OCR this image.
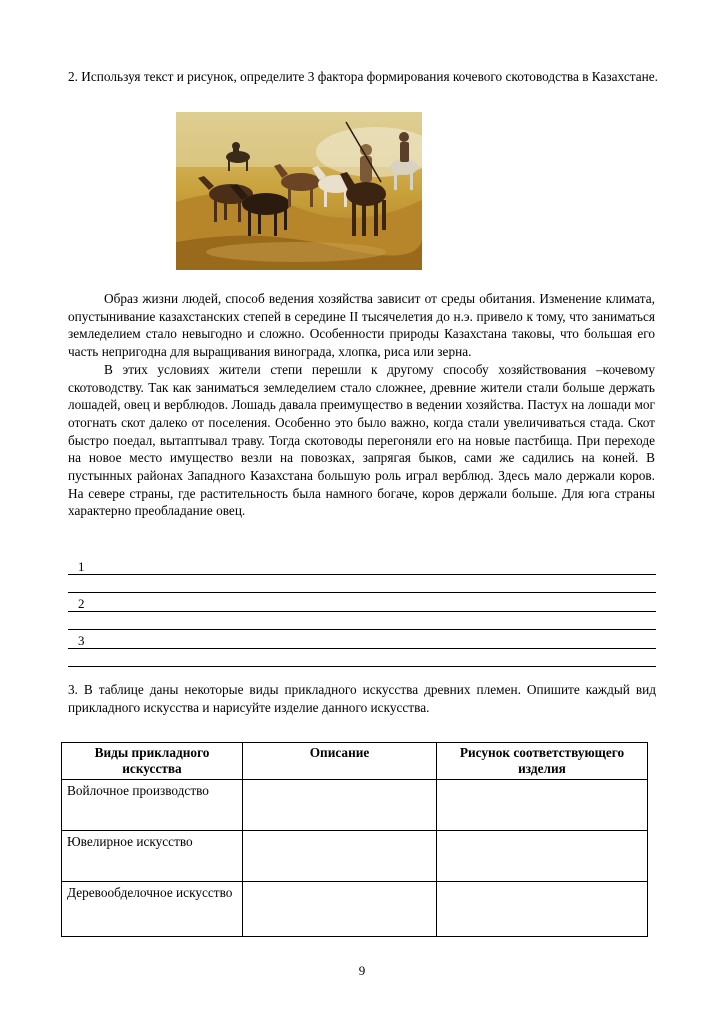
2. Используя текст и рисунок, определите 3 фактора формирования кочевого скотоводства в Казахстане.

Образ жизни людей, способ ведения хозяйства зависит от среды обитания. Изменение климата, опустынивание казахстанских степей в середине II тысячелетия до н.э. привело к тому, что заниматься земледелием стало невыгодно и сложно. Особенности природы Казахстана таковы, что большая его часть непригодна для выращивания винограда, хлопка, риса или зерна.

В этих условиях жители степи перешли к другому способу хозяйствования –кочевому скотоводству. Так как заниматься земледелием стало сложнее, древние жители стали больше держать лошадей, овец и верблюдов. Лошадь давала преимущество в ведении хозяйства. Пастух на лошади мог отогнать скот далеко от поселения. Особенно это было важно, когда стали увеличиваться стада. Скот быстро поедал, вытаптывал траву. Тогда скотоводы перегоняли его на новые пастбища. При переходе на новое место имущество везли на повозках, запрягая быков, сами же садились на коней. В пустынных районах Западного Казахстана большую роль играл верблюд. Здесь мало держали коров. На севере страны, где растительность была намного богаче, коров держали больше. Для юга страны характерно преобладание овец.

1
2
3
3. В таблице даны некоторые виды прикладного искусства древних племен. Опишите каждый вид прикладного искусства и нарисуйте изделие данного искусства.
Виды прикладного искусства	Описание	Рисунок соответствующего изделия
Войлочное производство		
Ювелирное искусство		
Деревообделочное искусство		
9
